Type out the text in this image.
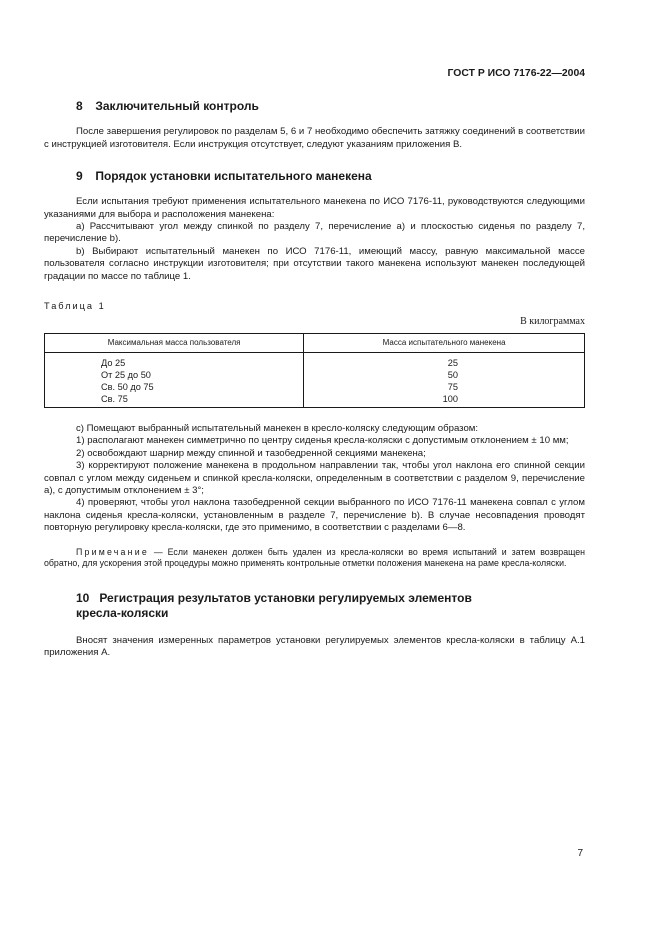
ГОСТ Р ИСО 7176-22—2004
8 Заключительный контроль

После завершения регулировок по разделам 5, 6 и 7 необходимо обеспечить затяжку соединений в соответствии с инструкцией изготовителя. Если инструкция отсутствует, следуют указаниям приложения В.

9 Порядок установки испытательного манекена

Если испытания требуют применения испытательного манекена по ИСО 7176-11, руководствуются следующими указаниями для выбора и расположения манекена:

а) Рассчитывают угол между спинкой по разделу 7, перечисление а) и плоскостью сиденья по разделу 7, перечисление b).

b) Выбирают испытательный манекен по ИСО 7176-11, имеющий массу, равную максимальной массе пользователя согласно инструкции изготовителя; при отсутствии такого манекена используют манекен последующей градации по массе по таблице 1.

Таблица 1
В килограммах
Максимальная масса пользователя	Масса испытательного манекена
До 25	25
От 25 до 50	50
Св. 50 до 75	75
Св. 75	100

c) Помещают выбранный испытательный манекен в кресло-коляску следующим образом:

1) располагают манекен симметрично по центру сиденья кресла-коляски с допустимым отклонением ± 10 мм;

2) освобождают шарнир между спинной и тазобедренной секциями манекена;

3) корректируют положение манекена в продольном направлении так, чтобы угол наклона его спинной секции совпал с углом между сиденьем и спинкой кресла-коляски, определенным в соответствии с разделом 9, перечисление а), с допустимым отклонением ± 3°;

4) проверяют, чтобы угол наклона тазобедренной секции выбранного по ИСО 7176-11 манекена совпал с углом наклона сиденья кресла-коляски, установленным в разделе 7, перечисление b). В случае несовпадения проводят повторную регулировку кресла-коляски, где это применимо, в соответствии с разделами 6—8.

Примечание — Если манекен должен быть удален из кресла-коляски во время испытаний и затем возвращен обратно, для ускорения этой процедуры можно применять контрольные отметки положения манекена на раме кресла-коляски.
10 Регистрация результатов установки регулируемых элементов
кресла-коляски

Вносят значения измеренных параметров установки регулируемых элементов кресла-коляски в таблицу А.1 приложения А.

7
